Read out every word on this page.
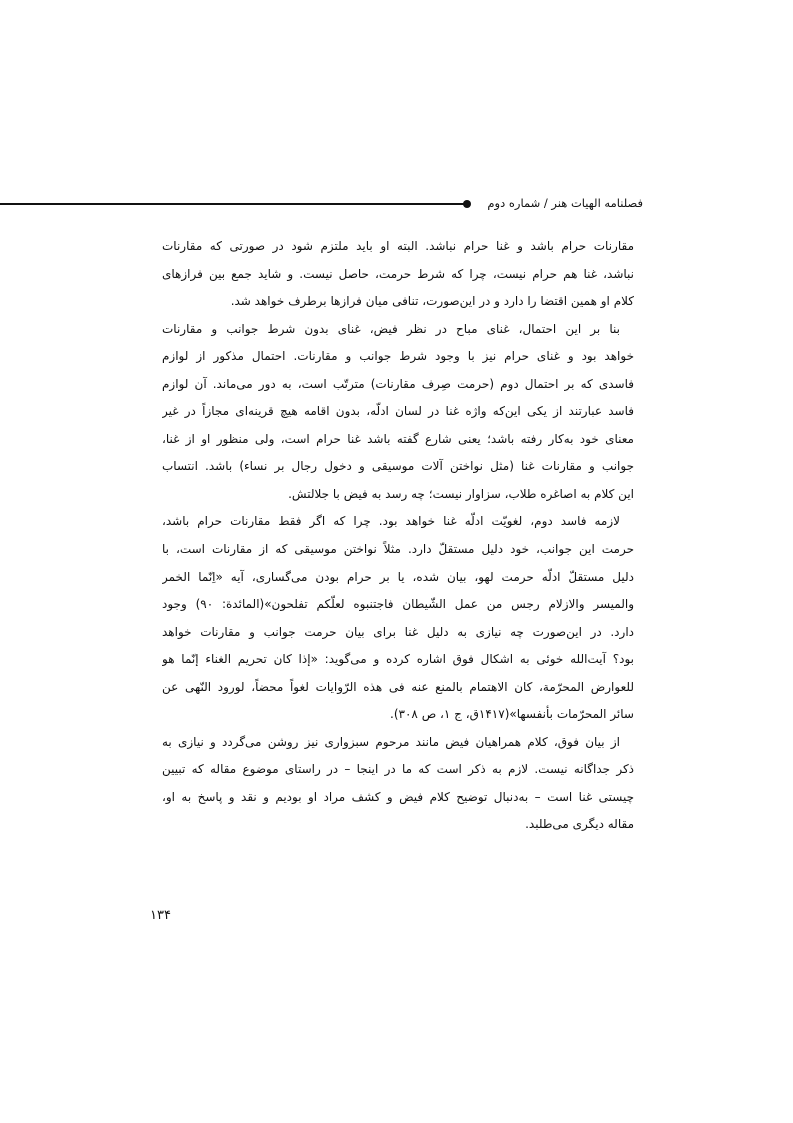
فصلنامه الهیات هنر / شماره دوم
مقارنات حرام باشد و غنا حرام نباشد. البته او باید ملتزم شود در صورتی که مقارنات
نباشد، غنا هم حرام نیست، چرا که شرط حرمت، حاصل نیست. و شاید جمع بین فرازهای
کلام او همین اقتضا را دارد و در این‌صورت، تنافی میان فرازها برطرف خواهد شد.
بنا بر این احتمال، غنای مباح در نظر فیض، غنای بدون شرط جوانب و مقارنات
خواهد بود و غنای حرام نیز با وجود شرط جوانب و مقارنات. احتمال مذکور از لوازم
فاسدی که بر احتمال دوم (حرمت صِرف مقارنات) مترتّب است، به دور می‌ماند. آن لوازم
فاسد عبارتند از یکی این‌که واژه غنا در لسان ادلّه، بدون اقامه هیچ قرینه‌ای مجازاً در غیر
معنای خود به‌کار رفته باشد؛ یعنی شارع گفته باشد غنا حرام است، ولی منظور او از غنا،
جوانب و مقارنات غنا (مثل نواختن آلات موسیقی و دخول رجال بر نساء) باشد. انتساب
این کلام به اصاغره طلاب، سزاوار نیست؛ چه رسد به فیض با جلالتش.
لازمه فاسد دوم، لغویّت ادلّه غنا خواهد بود. چرا که اگر فقط مقارنات حرام باشد،
حرمت این جوانب، خود دلیل مستقلّ دارد. مثلاً نواختن موسیقی که از مقارنات است، با
دلیل مستقلّ ادلّه حرمت لهو، بیان شده، یا بر حرام بودن می‌گساری، آیه «اِنّما الخمر
والمیسر والازلام رجس من عمل الشّیطان فاجتنبوه لعلّکم تفلحون»(المائدة: ۹۰) وجود
دارد. در این‌صورت چه نیازی به دلیل غنا برای بیان حرمت جوانب و مقارنات خواهد
بود؟ آیت‌الله خوئی به اشکال فوق اشاره کرده و می‌گوید: «إذا کان تحریم الغناء إنّما هو
للعوارض المحرّمة، کان الاهتمام بالمنع عنه فی هذه الرّوایات لغواً محضاً، لورود النّهی عن
سائر المحرّمات بأنفسها»(۱۴۱۷ق، ج ۱، ص ۳۰۸).
از بیان فوق، کلام همراهیان فیض مانند مرحوم سبزواری نیز روشن می‌گردد و نیازی به
ذکر جداگانه نیست. لازم به ذکر است که ما در اینجا – در راستای موضوع مقاله که تبیین
چیستی غنا است – به‌دنبال توضیح کلام فیض و کشف مراد او بودیم و نقد و پاسخ به او،
مقاله دیگری می‌طلبد.
۱۳۴
